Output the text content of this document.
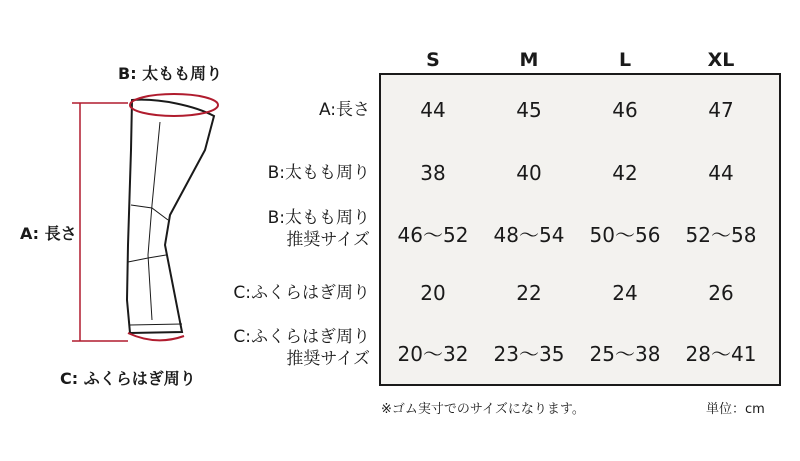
B: 太もも周り
A: 長さ
C: ふくらはぎ周り
S	M	L	XL
A:長さ	44	45	46	47
B:太もも周り	38	40	42	44
B:太もも周り
推奨サイズ	46〜52	48〜54	50〜56	52〜58
C:ふくらはぎ周り	20	22	24	26
C:ふくらはぎ周り
推奨サイズ	20〜32	23〜35	25〜38	28〜41
※ゴム実寸でのサイズになります。	単位：cm
